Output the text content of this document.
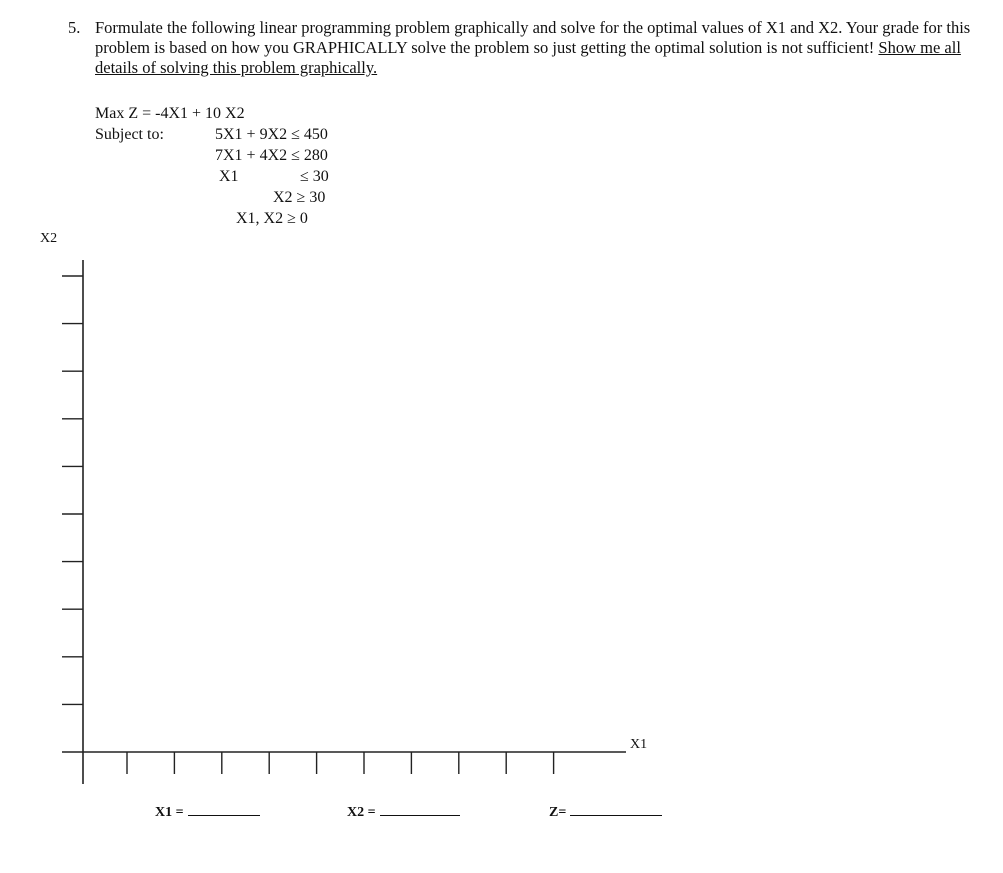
5. Formulate the following linear programming problem graphically and solve for the optimal values of X1 and X2. Your grade for this problem is based on how you GRAPHICALLY solve the problem so just getting the optimal solution is not sufficient! Show me all details of solving this problem graphically.
Max Z = -4X1 + 10 X2
Subject to:	5X1 + 9X2 ≤ 450
7X1 + 4X2 ≤ 280
X1	≤ 30
X2 ≥ 30
X1, X2 ≥ 0
X2
X1
X1 =	X2 =	Z=
